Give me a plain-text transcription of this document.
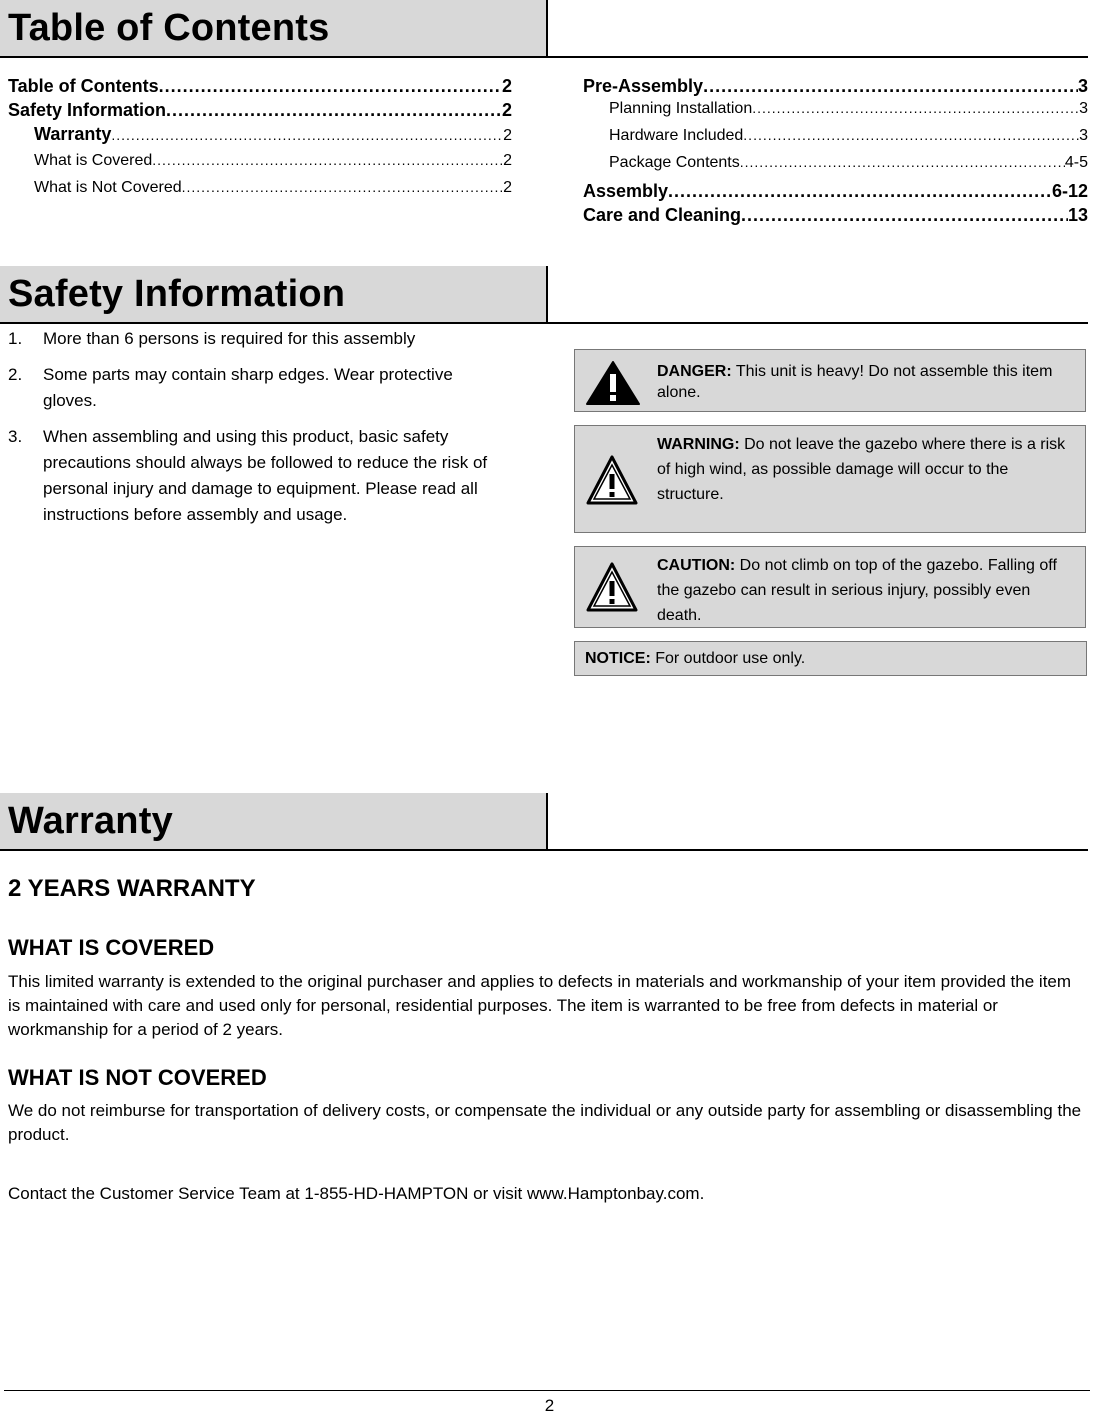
Table of Contents
Table of Contents .....	2
Safety Information .....	2
Warranty .....	2
What is Covered .....	2
What is Not Covered .....	2
Pre-Assembly .....	3
Planning Installation .....	3
Hardware Included .....	3
Package Contents .....	4-5
Assembly .....	6-12
Care and Cleaning .....	13
Safety Information
1.	More than 6 persons is required for this assembly
2.	Some parts may contain sharp edges. Wear protective gloves.
3.	When assembling and using this product, basic safety precautions should always be followed to reduce the risk of personal injury and damage to equipment. Please read all instructions before assembly and usage.
DANGER: This unit is heavy! Do not assemble this item alone.
WARNING: Do not leave the gazebo where there is a risk of high wind, as possible damage will occur to the structure.
CAUTION: Do not climb on top of the gazebo. Falling off the gazebo can result in serious injury, possibly even death.
NOTICE: For outdoor use only.
Warranty
2 YEARS WARRANTY
WHAT IS COVERED
This limited warranty is extended to the original purchaser and applies to defects in materials and workmanship of your item provided the item is maintained with care and used only for personal, residential purposes. The item is warranted to be free from defects in material or workmanship for a period of 2 years.
WHAT IS NOT COVERED
We do not reimburse for transportation of delivery costs, or compensate the individual or any outside party for assembling or disassembling the product.
Contact the Customer Service Team at 1-855-HD-HAMPTON or visit www.Hamptonbay.com.
2
